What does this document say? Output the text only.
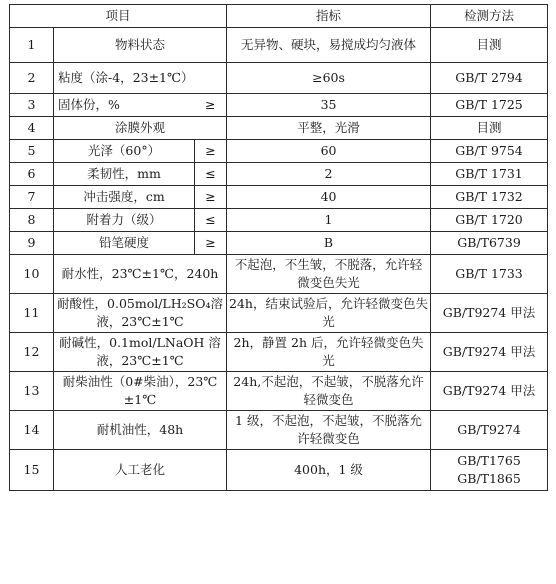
项目			指标	检测方法
1	物料状态		无异物、硬块，易搅成均匀液体	目测
2	粘度（涂-4，23±1℃）		≥60s	GB/T 2794
3	固体份，%	≥	35	GB/T 1725
4	涂膜外观		平整，光滑	目测
5	光泽（60°）	≥	60	GB/T 9754
6	柔韧性，mm	≤	2	GB/T 1731
7	冲击强度，cm	≥	40	GB/T 1732
8	附着力（级）	≤	1	GB/T 1720
9	铅笔硬度	≥	B	GB/T6739
10	耐水性，23℃±1℃，240h		不起泡，不生皱，不脱落，允许轻微变色失光	GB/T 1733
11	耐酸性，0.05mol/LH₂SO₄溶液，23℃±1℃		24h，结束试验后，允许轻微变色失光	GB/T9274 甲法
12	耐碱性，0.1mol/LNaOH 溶液，23℃±1℃		2h，静置 2h 后，允许轻微变色失光	GB/T9274 甲法
13	耐柴油性（0#柴油），23℃±1℃		24h,不起泡，不起皱，不脱落允许轻微变色	GB/T9274 甲法
14	耐机油性，48h		1 级，不起泡，不起皱，不脱落允许轻微变色	GB/T9274
15	人工老化		400h，1 级	GB/T1765
GB/T1865
